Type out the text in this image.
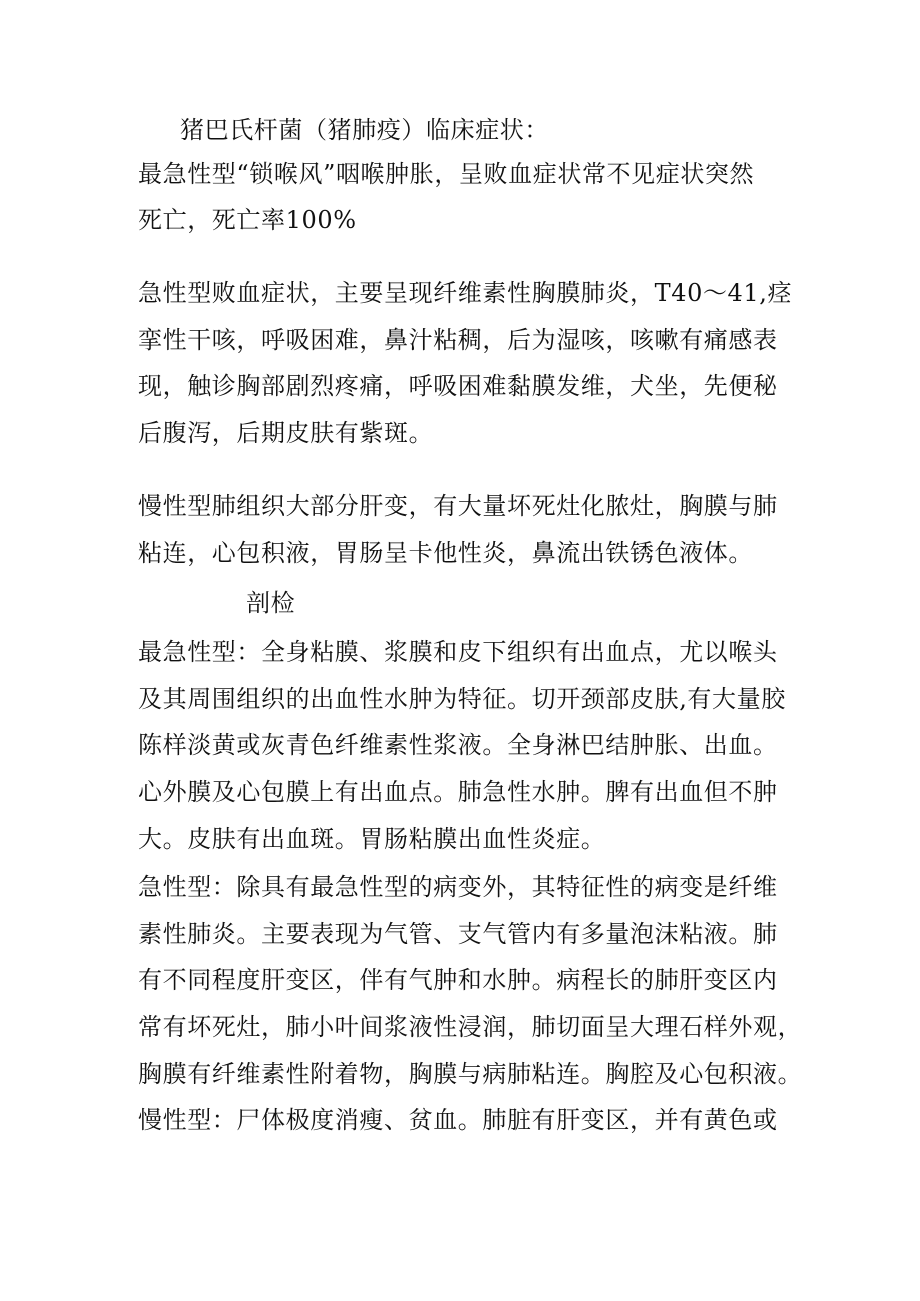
猪巴氏杆菌（猪肺疫）临床症状：
最急性型“锁喉风”咽喉肿胀，呈败血症状常不见症状突然
死亡，死亡率100%
急性型败血症状，主要呈现纤维素性胸膜肺炎，T40～41,痉
挛性干咳，呼吸困难，鼻汁粘稠，后为湿咳，咳嗽有痛感表
现，触诊胸部剧烈疼痛，呼吸困难黏膜发维，犬坐，先便秘
后腹泻，后期皮肤有紫斑。
慢性型肺组织大部分肝变，有大量坏死灶化脓灶，胸膜与肺
粘连，心包积液，胃肠呈卡他性炎，鼻流出铁锈色液体。
剖检
最急性型：全身粘膜、浆膜和皮下组织有出血点，尤以喉头
及其周围组织的出血性水肿为特征。切开颈部皮肤,有大量胶
陈样淡黄或灰青色纤维素性浆液。全身淋巴结肿胀、出血。
心外膜及心包膜上有出血点。肺急性水肿。脾有出血但不肿
大。皮肤有出血斑。胃肠粘膜出血性炎症。
急性型：除具有最急性型的病变外，其特征性的病变是纤维
素性肺炎。主要表现为气管、支气管内有多量泡沫粘液。肺
有不同程度肝变区，伴有气肿和水肿。病程长的肺肝变区内
常有坏死灶，肺小叶间浆液性浸润，肺切面呈大理石样外观，
胸膜有纤维素性附着物，胸膜与病肺粘连。胸腔及心包积液。
慢性型：尸体极度消瘦、贫血。肺脏有肝变区，并有黄色或
